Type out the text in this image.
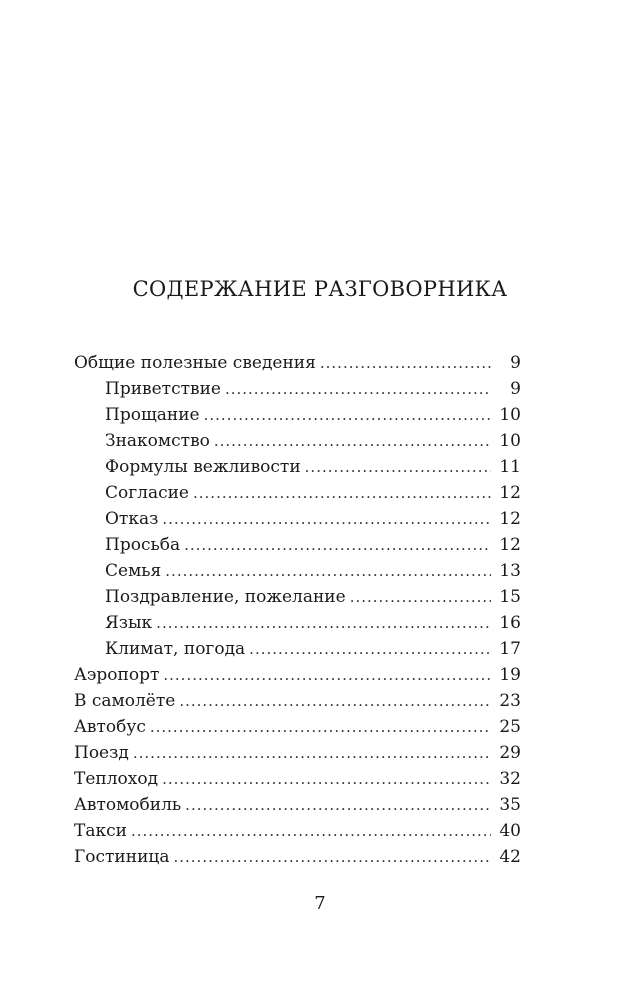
СОДЕРЖАНИЕ РАЗГОВОРНИКА
Общие полезные сведения .....	9
Приветствие .....	9
Прощание .....	10
Знакомство .....	10
Формулы вежливости .....	11
Согласие .....	12
Отказ .....	12
Просьба .....	12
Семья .....	13
Поздравление, пожелание .....	15
Язык .....	16
Климат, погода .....	17
Аэропорт .....	19
В самолёте .....	23
Автобус .....	25
Поезд .....	29
Теплоход .....	32
Автомобиль .....	35
Такси .....	40
Гостиница .....	42
7
